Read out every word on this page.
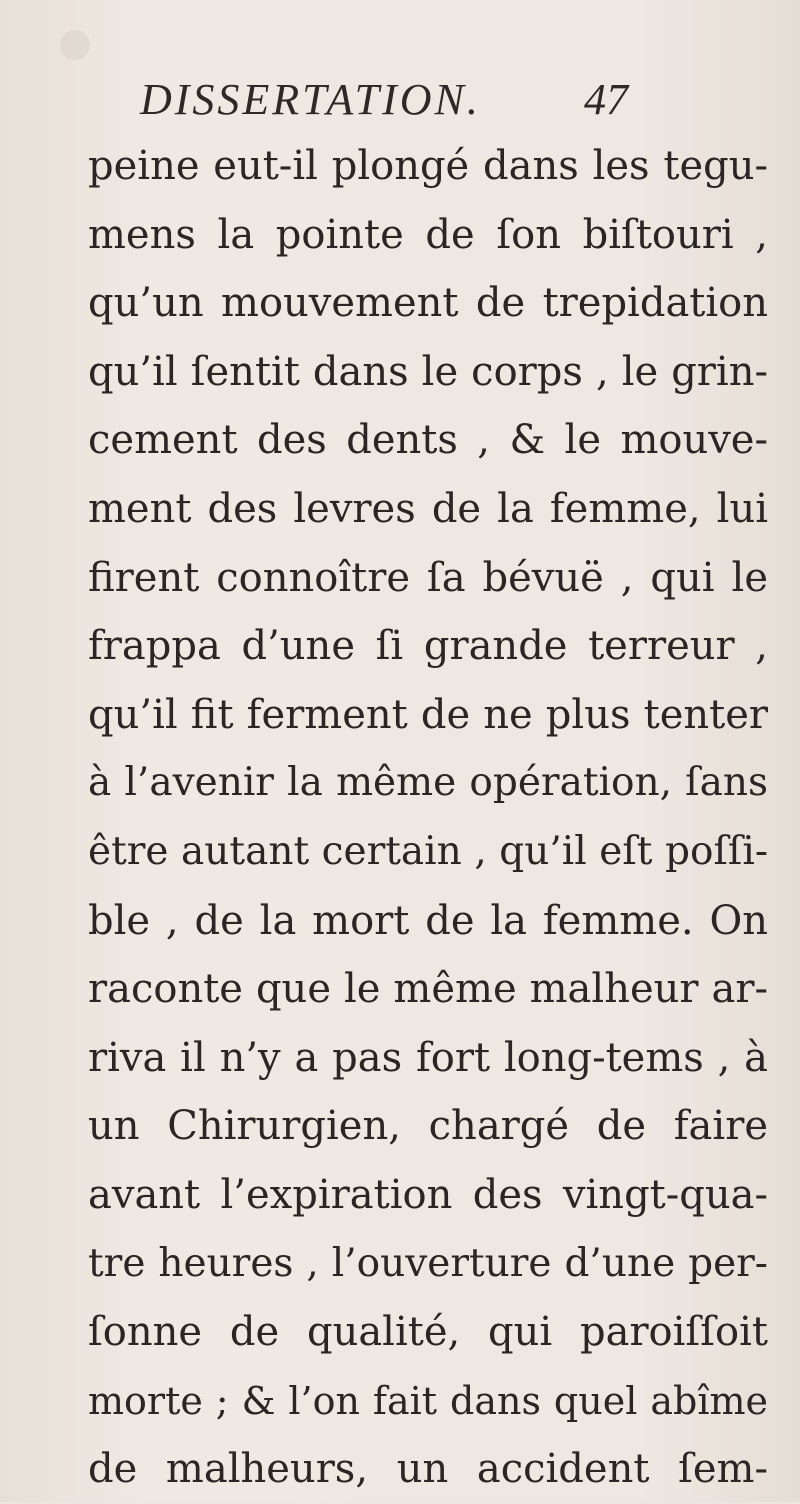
DISSERTATION. 47
peine eut-il plongé dans les tegu-
mens la pointe de ſon biſtouri ,
qu’un mouvement de trepidation
qu’il ſentit dans le corps , le grin-
cement des dents , & le mouve-
ment des levres de la femme, lui
firent connoître ſa bévuë , qui le
frappa d’une ſi grande terreur ,
qu’il fit ferment de ne plus tenter
à l’avenir la même opération, ſans
être autant certain , qu’il eſt poſſi-
ble , de la mort de la femme. On
raconte que le même malheur ar-
riva il n’y a pas fort long-tems , à
un Chirurgien, chargé de faire
avant l’expiration des vingt-qua-
tre heures , l’ouverture d’une per-
ſonne de qualité, qui paroiſſoit
morte ; & l’on fait dans quel abîme
de malheurs, un accident ſem-
